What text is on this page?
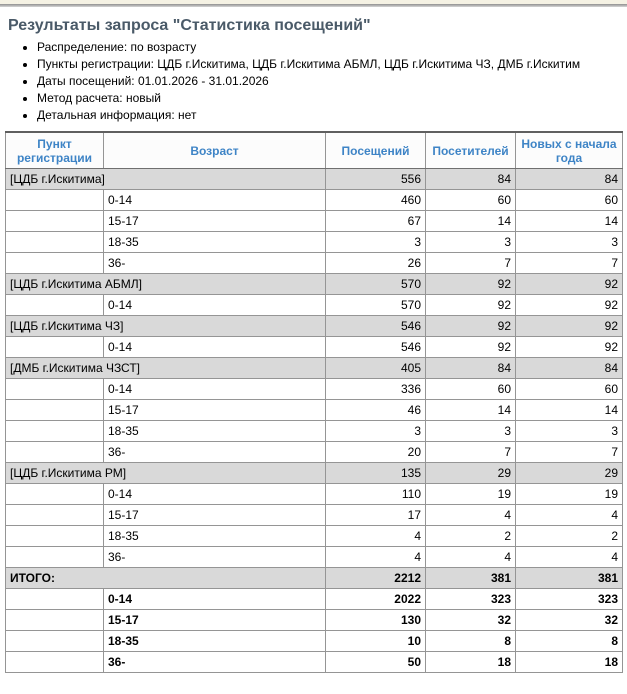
Результаты запроса "Статистика посещений"
• Распределение: по возрасту
• Пункты регистрации: ЦДБ г.Искитима, ЦДБ г.Искитима АБМЛ, ЦДБ г.Искитима ЧЗ, ДМБ г.Искитим
• Даты посещений: 01.01.2026 - 31.01.2026
• Метод расчета: новый
• Детальная информация: нет
Пункт регистрации	Возраст	Посещений	Посетителей	Новых с начала года
[ЦДБ г.Искитима]		556	84	84
	0-14	460	60	60
	15-17	67	14	14
	18-35	3	3	3
	36-	26	7	7
[ЦДБ г.Искитима АБМЛ]		570	92	92
	0-14	570	92	92
[ЦДБ г.Искитима ЧЗ]		546	92	92
	0-14	546	92	92
[ДМБ г.Искитима ЧЗСТ]		405	84	84
	0-14	336	60	60
	15-17	46	14	14
	18-35	3	3	3
	36-	20	7	7
[ЦДБ г.Искитима РМ]		135	29	29
	0-14	110	19	19
	15-17	17	4	4
	18-35	4	2	2
	36-	4	4	4
ИТОГО:		2212	381	381
	0-14	2022	323	323
	15-17	130	32	32
	18-35	10	8	8
	36-	50	18	18
